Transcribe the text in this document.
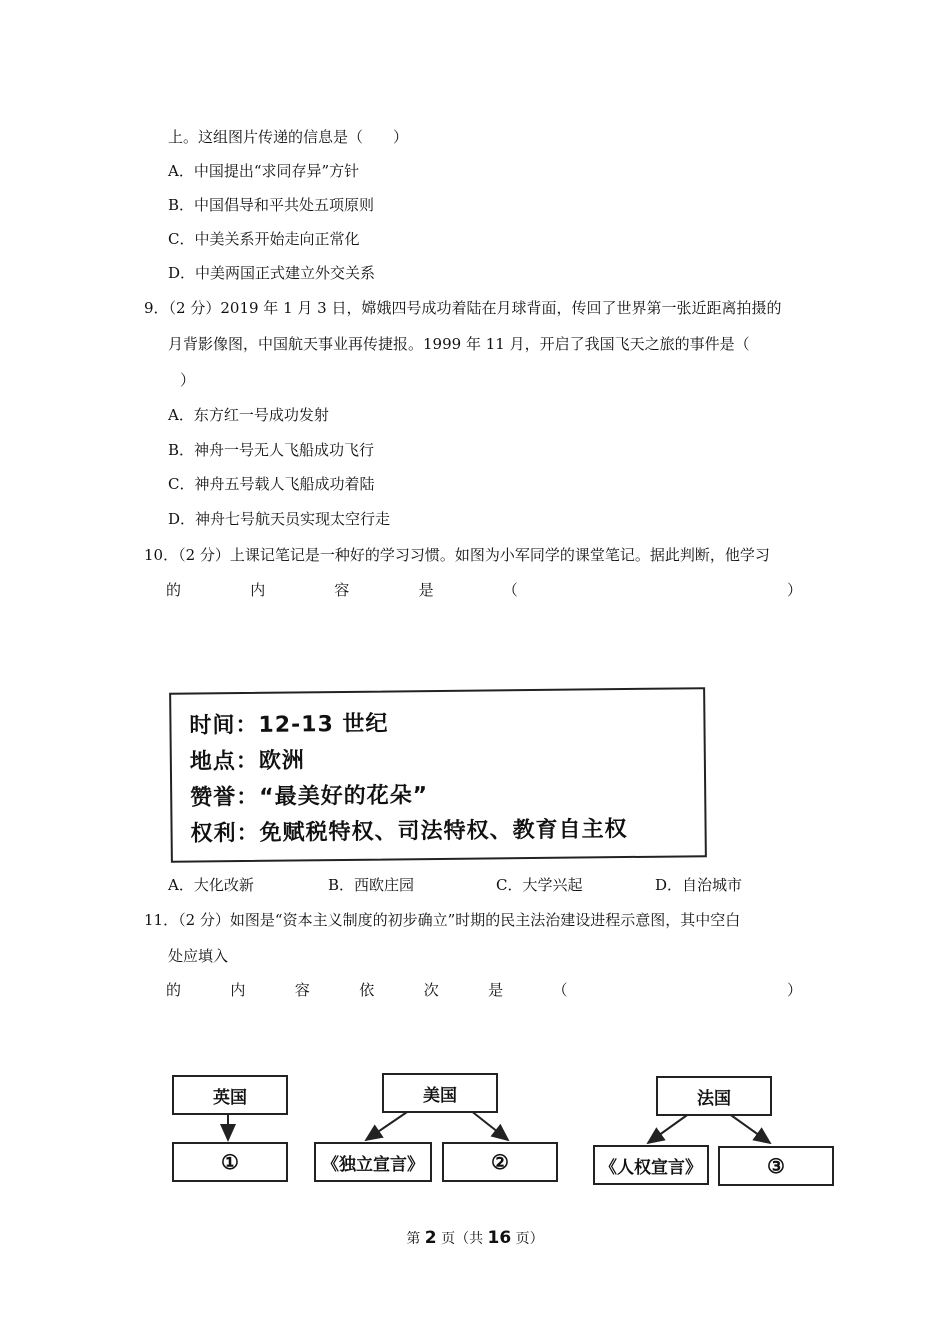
上。这组图片传递的信息是（　　）
A．中国提出“求同存异”方针
B．中国倡导和平共处五项原则
C．中美关系开始走向正常化
D．中美两国正式建立外交关系
9．（2 分）2019 年 1 月 3 日，嫦娥四号成功着陆在月球背面，传回了世界第一张近距离拍摄的
月背影像图，中国航天事业再传捷报。1999 年 11 月，开启了我国飞天之旅的事件是（
）
A．东方红一号成功发射
B．神舟一号无人飞船成功飞行
C．神舟五号载人飞船成功着陆
D．神舟七号航天员实现太空行走
10．（2 分）上课记笔记是一种好的学习习惯。如图为小军同学的课堂笔记。据此判断，他学习
的	内	容	是	（	）
时间：12-13 世纪
地点：欧洲
赞誉：“最美好的花朵”
权利：免赋税特权、司法特权、教育自主权
A．大化改新	B．西欧庄园	C．大学兴起	D．自治城市
11．（2 分）如图是“资本主义制度的初步确立”时期的民主法治建设进程示意图，其中空白
处应填入
的	内	容	依	次	是	（	）
英国
①
美国
《独立宣言》	②
法国
《人权宣言》	③
第 2 页（共 16 页）
